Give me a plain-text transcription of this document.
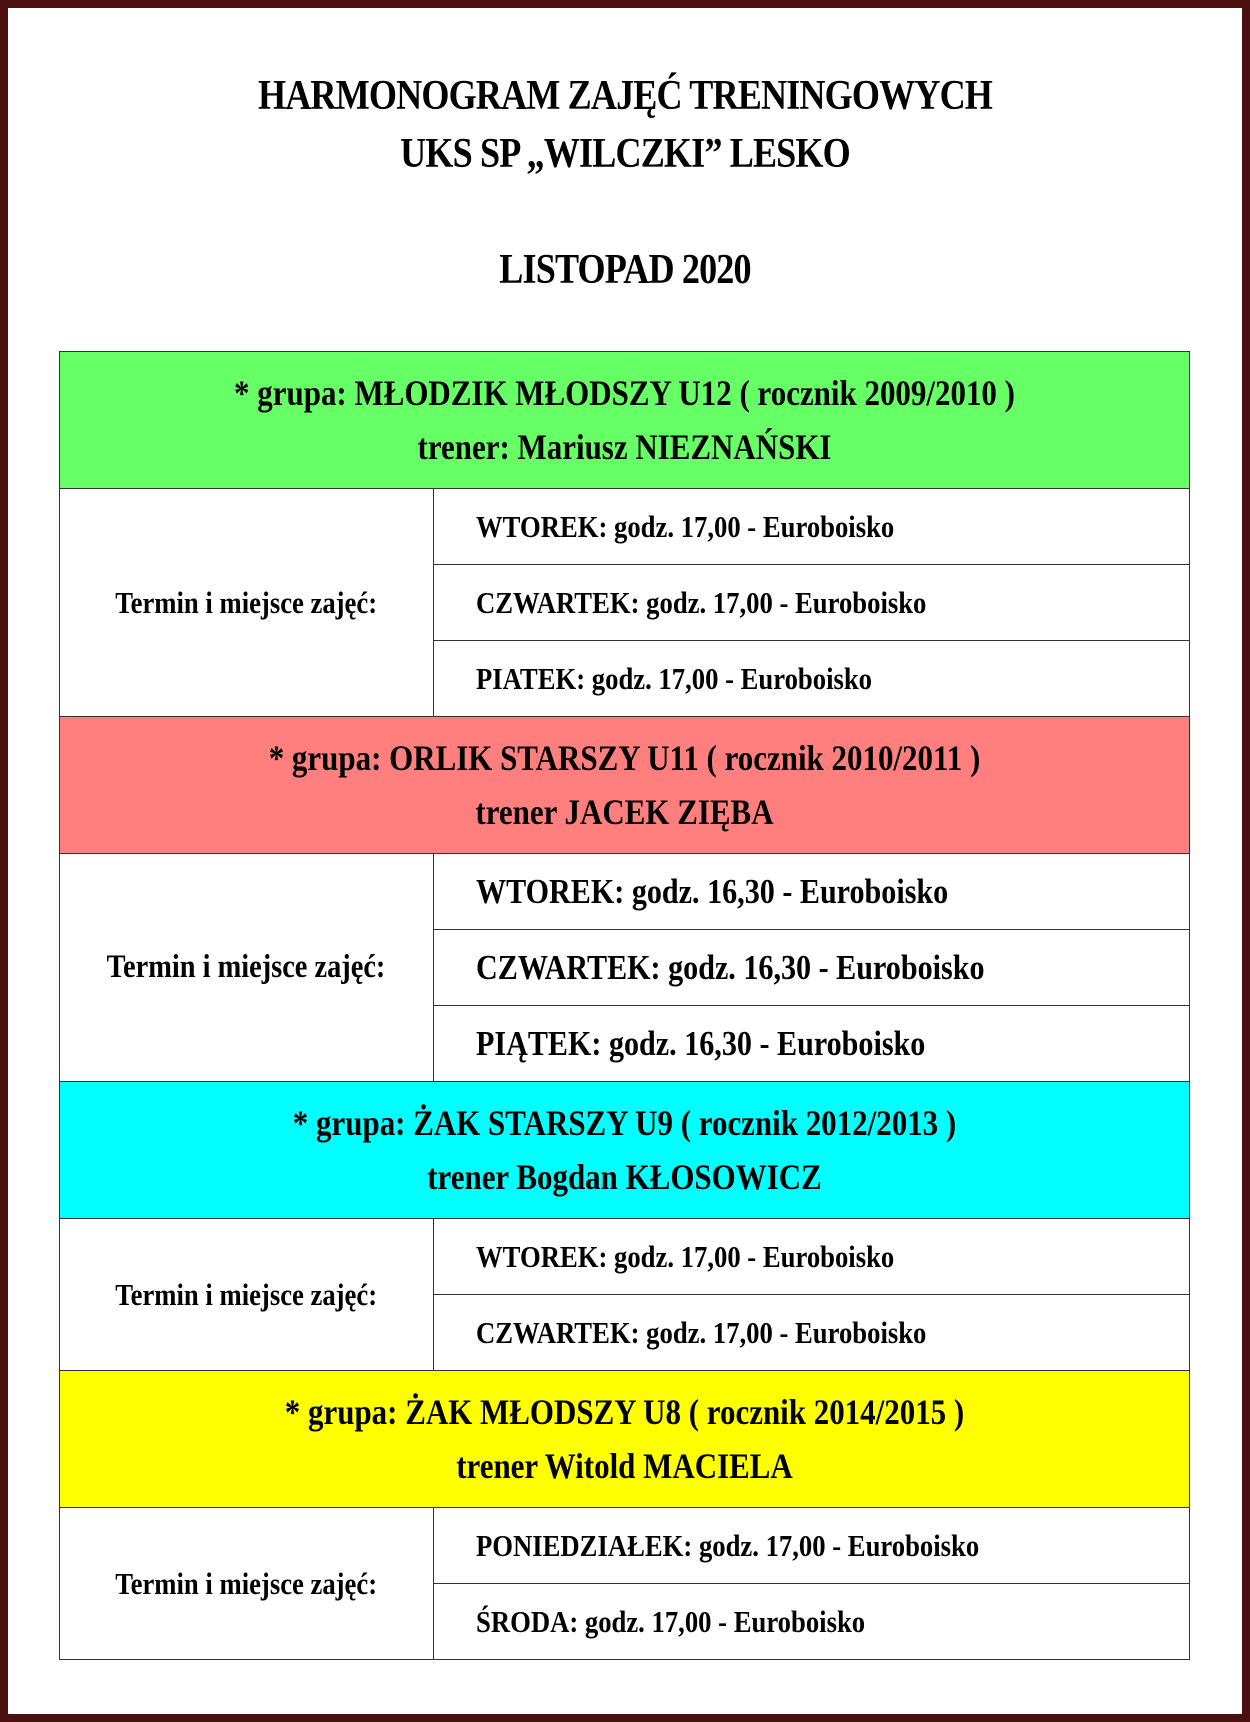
HARMONOGRAM ZAJĘĆ TRENINGOWYCH
UKS SP „WILCZKI” LESKO
LISTOPAD 2020
* grupa: MŁODZIK MŁODSZY U12 ( rocznik 2009/2010 )
trener: Mariusz NIEZNAŃSKI	

Termin i miejsce zajęć:	WTOREK: godz. 17,00 - Euroboisko
	CZWARTEK: godz. 17,00 - Euroboisko
	PIATEK: godz. 17,00 - Euroboisko

* grupa: ORLIK STARSZY U11 ( rocznik 2010/2011 )
trener JACEK ZIĘBA	

Termin i miejsce zajęć:	WTOREK: godz. 16,30 - Euroboisko
	CZWARTEK: godz. 16,30 - Euroboisko
	PIĄTEK: godz. 16,30 - Euroboisko

* grupa: ŻAK STARSZY U9 ( rocznik 2012/2013 )
trener Bogdan KŁOSOWICZ	

Termin i miejsce zajęć:	WTOREK: godz. 17,00 - Euroboisko
	CZWARTEK: godz. 17,00 - Euroboisko

* grupa: ŻAK MŁODSZY U8 ( rocznik 2014/2015 )
trener Witold MACIELA	

Termin i miejsce zajęć:	PONIEDZIAŁEK: godz. 17,00 - Euroboisko
	ŚRODA: godz. 17,00 - Euroboisko
